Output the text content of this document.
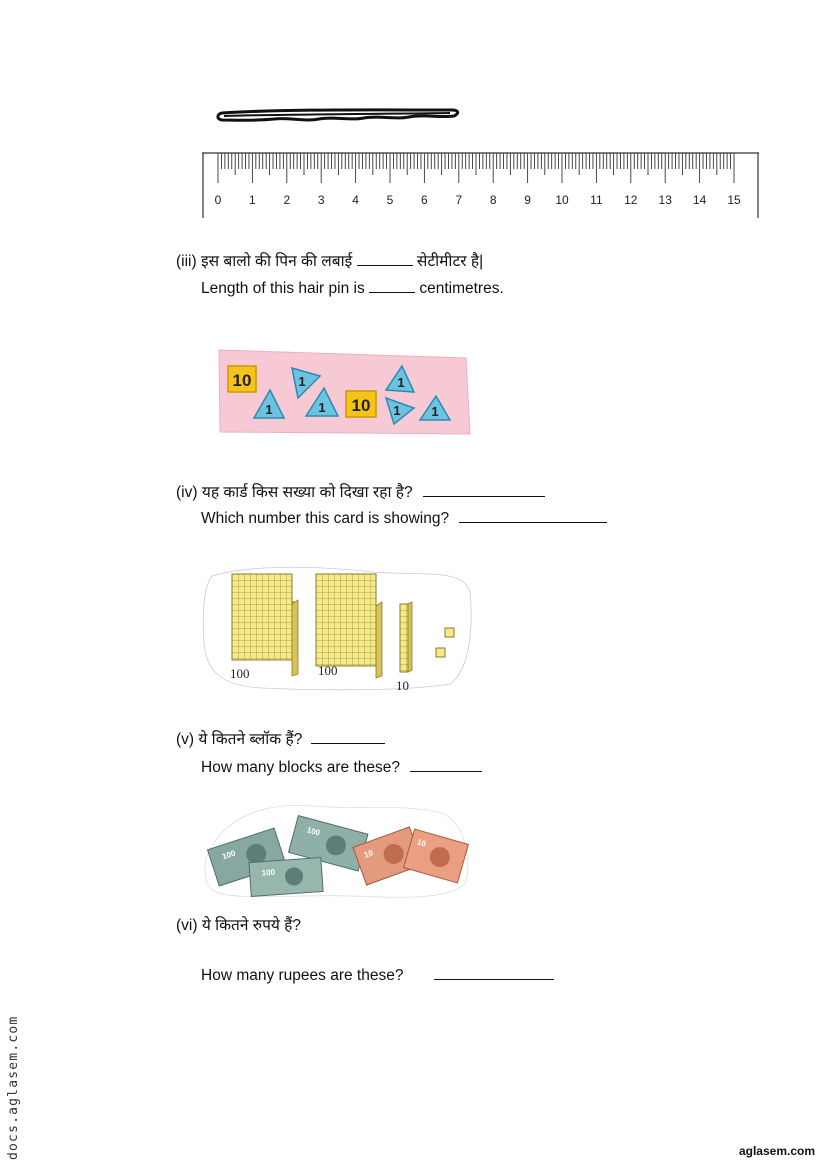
0 1 2 3 4 5 6 7 8 9 10 11 12 13 14 15
(iii) इस बालो की पिन की लबाई	सेटीमीटर है|
Length of this hair pin is	centimetres.
10
10
1
1
1
1
1 1
(iv) यह कार्ड किस सख्या को दिखा रहा है?
Which number this card is showing?
100	100
10
(v) ये कितने ब्लॉक हैं?
How many blocks are these?
100
100
100
10
10
(vi) ये कितने रुपये हैं?
How many rupees are these?
docs.aglasem.com	aglasem.com
